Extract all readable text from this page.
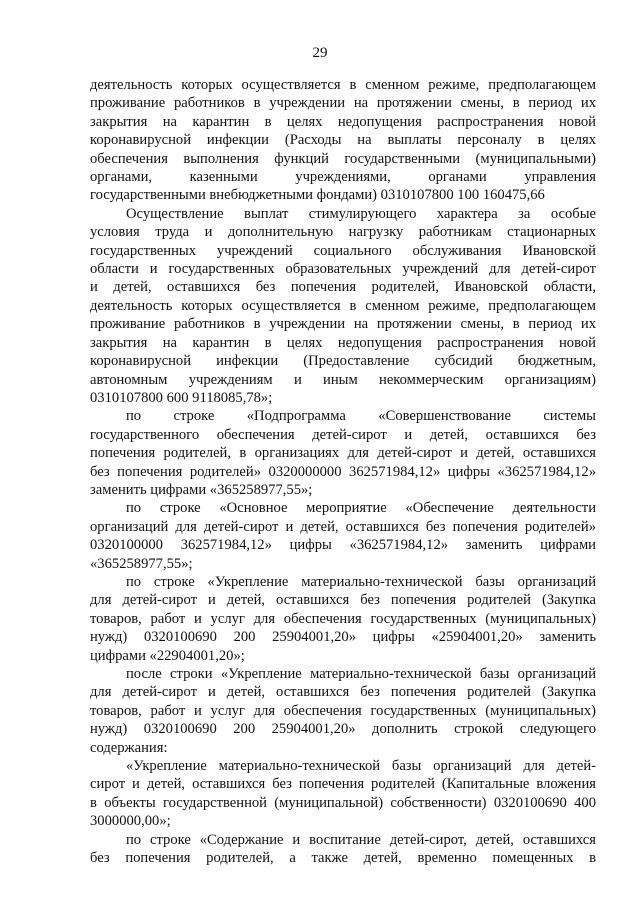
29
деятельность которых осуществляется в сменном режиме, предполагающем
проживание работников в учреждении на протяжении смены, в период их
закрытия на карантин в целях недопущения распространения новой
коронавирусной инфекции (Расходы на выплаты персоналу в целях
обеспечения выполнения функций государственными (муниципальными)
органами, казенными учреждениями, органами управления
государственными внебюджетными фондами) 0310107800 100 160475,66
Осуществление выплат стимулирующего характера за особые
условия труда и дополнительную нагрузку работникам стационарных
государственных учреждений социального обслуживания Ивановской
области и государственных образовательных учреждений для детей-сирот
и детей, оставшихся без попечения родителей, Ивановской области,
деятельность которых осуществляется в сменном режиме, предполагающем
проживание работников в учреждении на протяжении смены, в период их
закрытия на карантин в целях недопущения распространения новой
коронавирусной инфекции (Предоставление субсидий бюджетным,
автономным учреждениям и иным некоммерческим организациям)
0310107800 600 9118085,78»;
по строке «Подпрограмма «Совершенствование системы
государственного обеспечения детей-сирот и детей, оставшихся без
попечения родителей, в организациях для детей-сирот и детей, оставшихся
без попечения родителей» 0320000000 362571984,12» цифры «362571984,12»
заменить цифрами «365258977,55»;
по строке «Основное мероприятие «Обеспечение деятельности
организаций для детей-сирот и детей, оставшихся без попечения родителей»
0320100000 362571984,12» цифры «362571984,12» заменить цифрами
«365258977,55»;
по строке «Укрепление материально-технической базы организаций
для детей-сирот и детей, оставшихся без попечения родителей (Закупка
товаров, работ и услуг для обеспечения государственных (муниципальных)
нужд) 0320100690 200 25904001,20» цифры «25904001,20» заменить
цифрами «22904001,20»;
после строки «Укрепление материально-технической базы организаций
для детей-сирот и детей, оставшихся без попечения родителей (Закупка
товаров, работ и услуг для обеспечения государственных (муниципальных)
нужд) 0320100690 200 25904001,20» дополнить строкой следующего
содержания:
«Укрепление материально-технической базы организаций для детей-
сирот и детей, оставшихся без попечения родителей (Капитальные вложения
в объекты государственной (муниципальной) собственности) 0320100690 400
3000000,00»;
по строке «Содержание и воспитание детей-сирот, детей, оставшихся
без попечения родителей, а также детей, временно помещенных в
